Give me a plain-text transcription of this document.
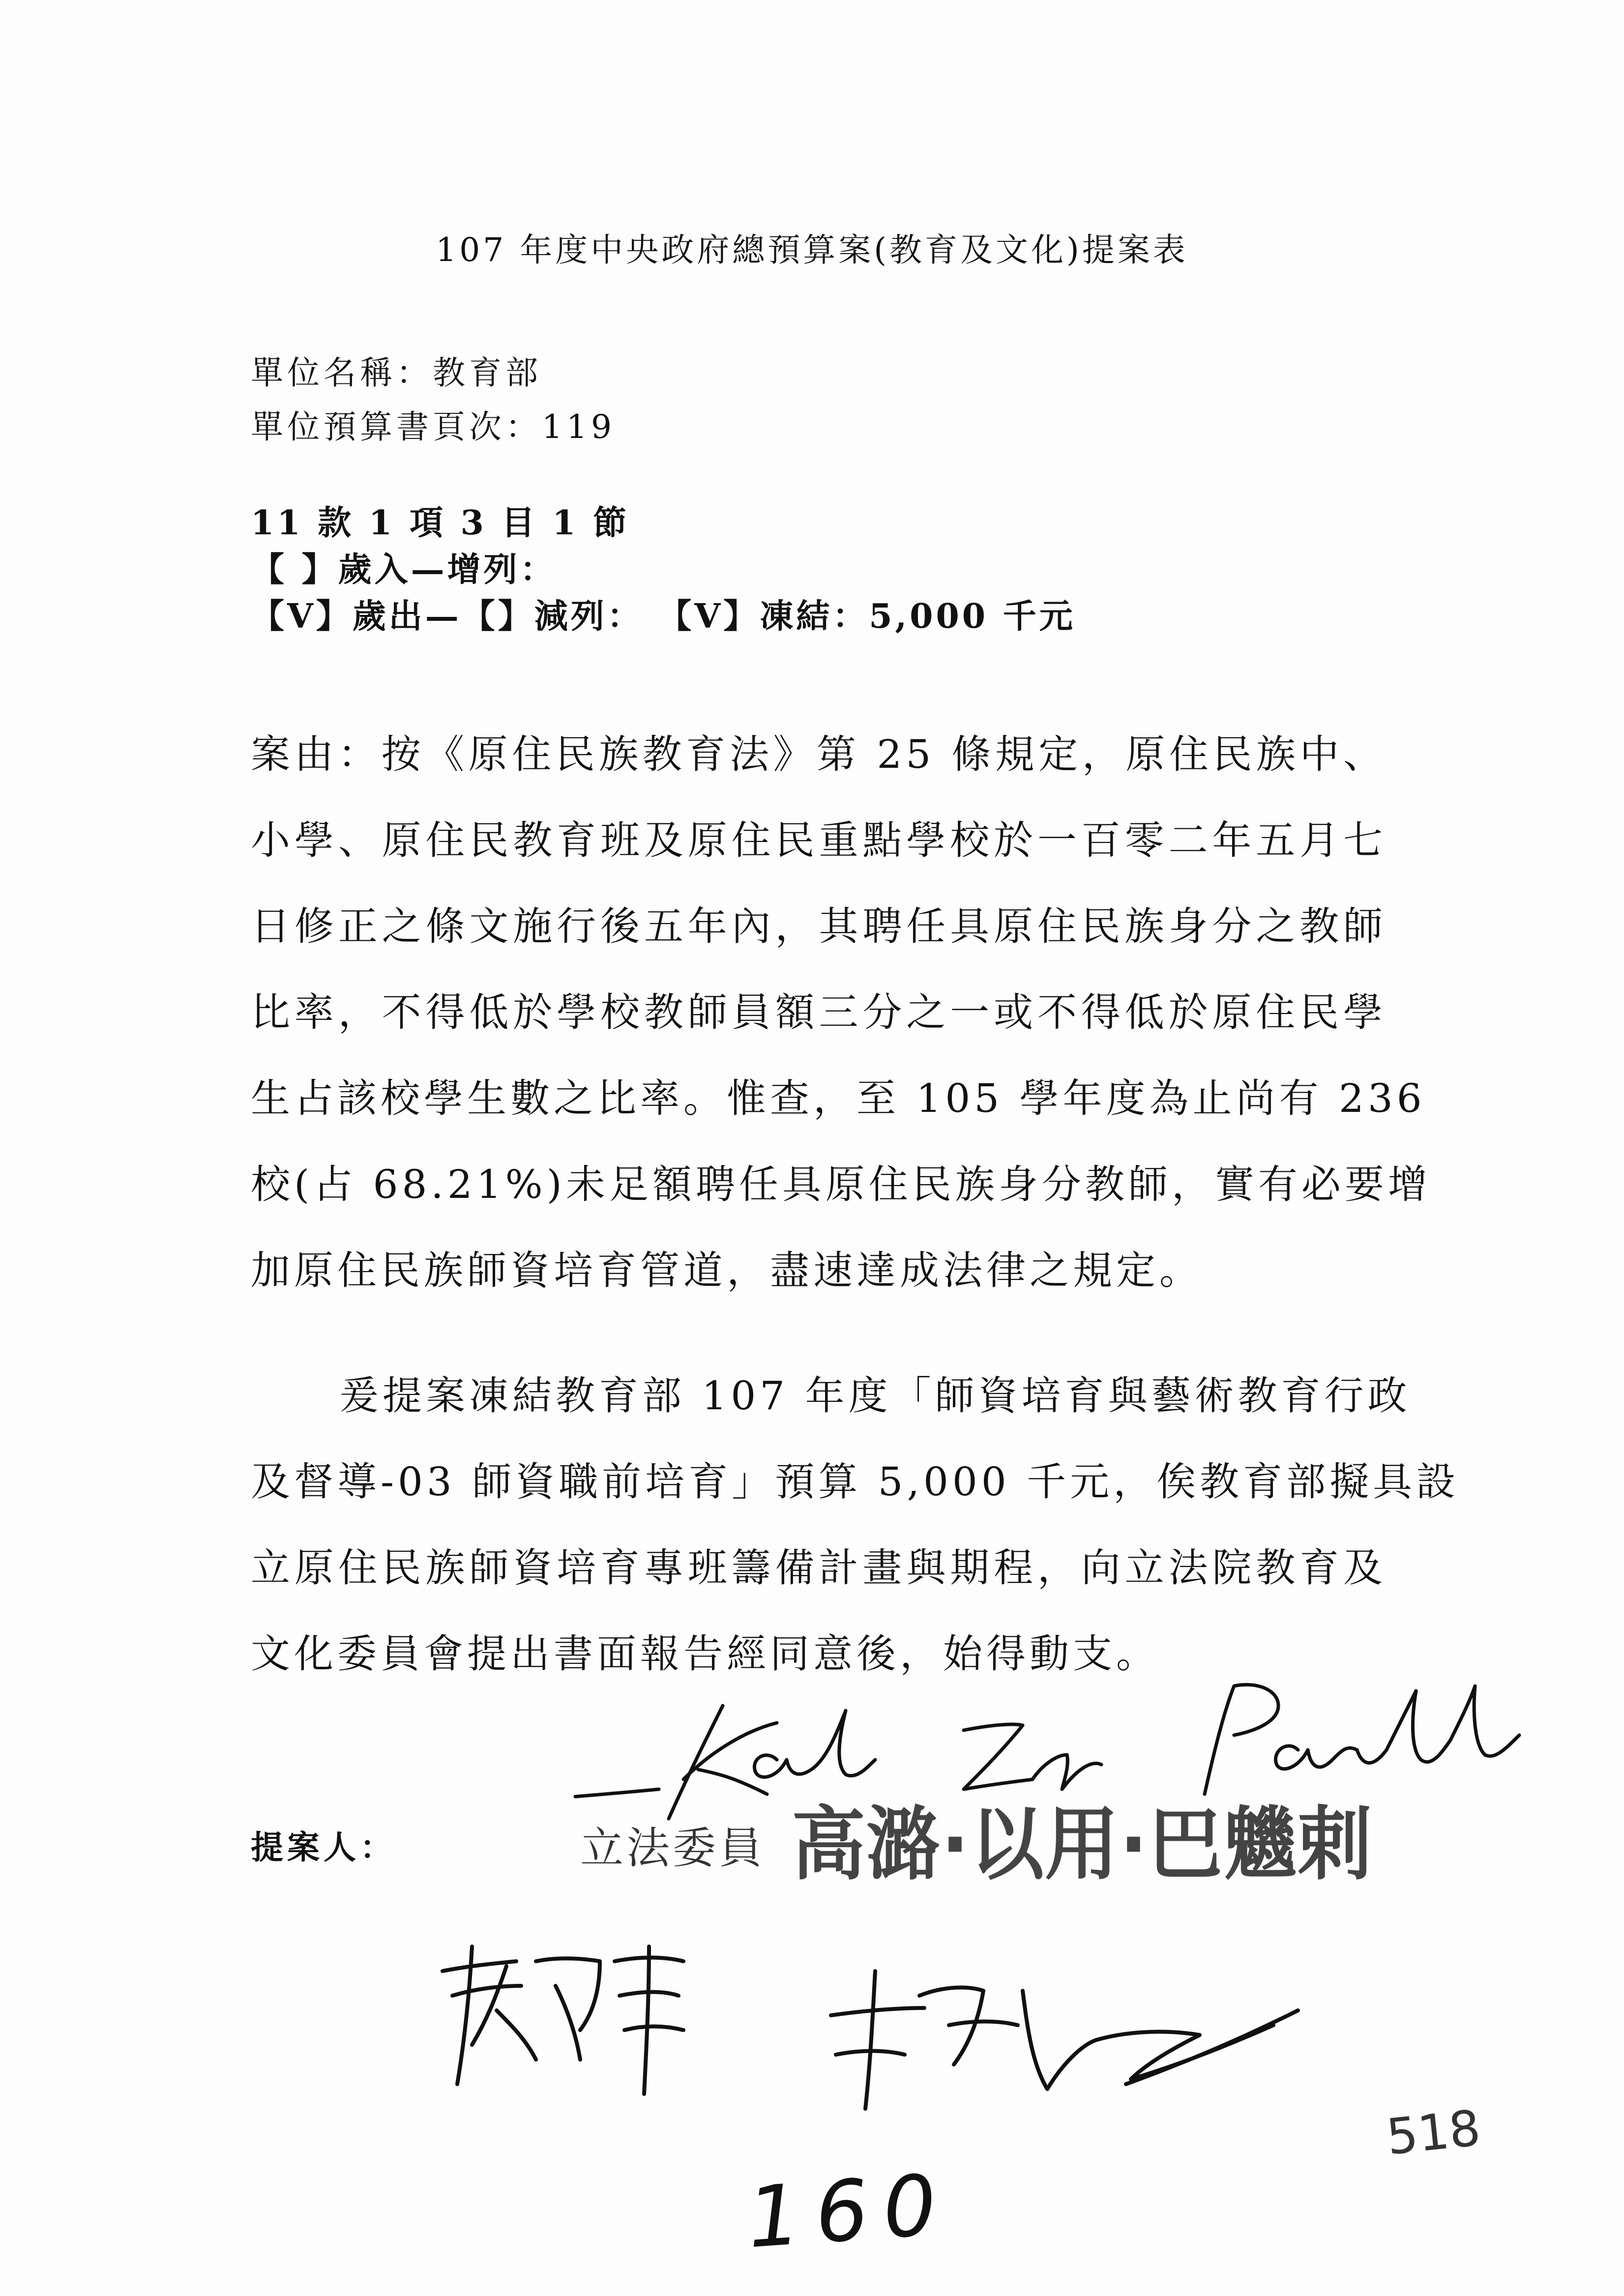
107 年度中央政府總預算案(教育及文化)提案表
單位名稱：教育部
單位預算書頁次：119
11 款 1 項 3 目 1 節
【 】歲入—增列：
【V】歲出—【】減列： 【V】凍結：5,000 千元
案由：按《原住民族教育法》第 25 條規定，原住民族中、
小學、原住民教育班及原住民重點學校於一百零二年五月七
日修正之條文施行後五年內，其聘任具原住民族身分之教師
比率，不得低於學校教師員額三分之一或不得低於原住民學
生占該校學生數之比率。惟查，至 105 學年度為止尚有 236
校(占 68.21%)未足額聘任具原住民族身分教師，實有必要增
加原住民族師資培育管道，盡速達成法律之規定。
爰提案凍結教育部 107 年度「師資培育與藝術教育行政
及督導-03 師資職前培育」預算 5,000 千元，俟教育部擬具設
立原住民族師資培育專班籌備計畫與期程，向立法院教育及
文化委員會提出書面報告經同意後，始得動支。
提案人：	立法委員 高潞·以用·巴魕剌
160
518
